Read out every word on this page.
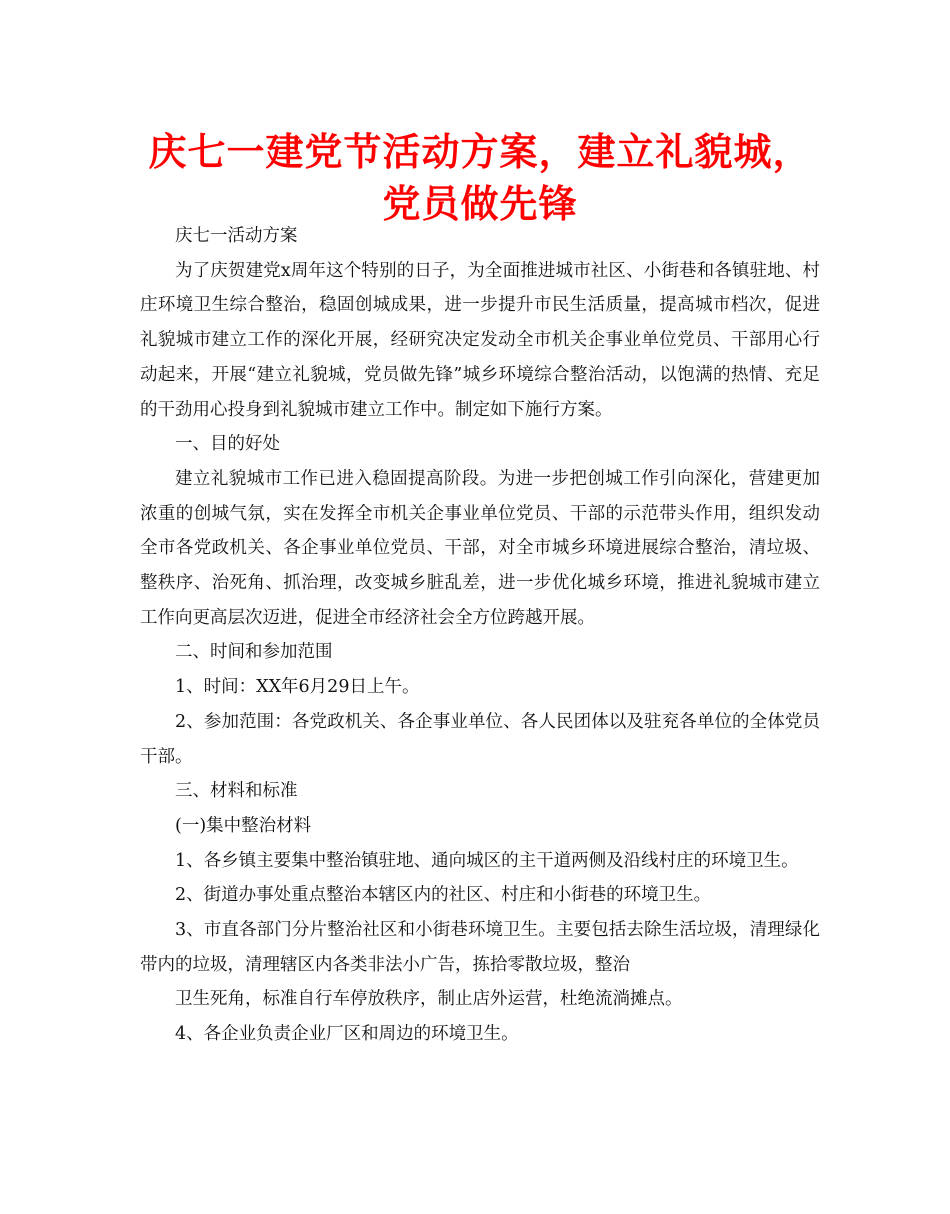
庆七一建党节活动方案，建立礼貌城，党员做先锋

庆七一活动方案

为了庆贺建党x周年这个特别的日子，为全面推进城市社区、小街巷和各镇驻地、村庄环境卫生综合整治，稳固创城成果，进一步提升市民生活质量，提高城市档次，促进礼貌城市建立工作的深化开展，经研究决定发动全市机关企事业单位党员、干部用心行动起来，开展“建立礼貌城，党员做先锋”城乡环境综合整治活动，以饱满的热情、充足的干劲用心投身到礼貌城市建立工作中。制定如下施行方案。

一、目的好处

建立礼貌城市工作已进入稳固提高阶段。为进一步把创城工作引向深化，营建更加浓重的创城气氛，实在发挥全市机关企事业单位党员、干部的示范带头作用，组织发动全市各党政机关、各企事业单位党员、干部，对全市城乡环境进展综合整治，清垃圾、整秩序、治死角、抓治理，改变城乡脏乱差，进一步优化城乡环境，推进礼貌城市建立工作向更高层次迈进，促进全市经济社会全方位跨越开展。

二、时间和参加范围

1、时间：XX年6月29日上午。

2、参加范围：各党政机关、各企事业单位、各人民团体以及驻兖各单位的全体党员干部。

三、材料和标准

(一)集中整治材料

1、各乡镇主要集中整治镇驻地、通向城区的主干道两侧及沿线村庄的环境卫生。

2、街道办事处重点整治本辖区内的社区、村庄和小街巷的环境卫生。

3、市直各部门分片整治社区和小街巷环境卫生。主要包括去除生活垃圾，清理绿化带内的垃圾，清理辖区内各类非法小广告，拣拾零散垃圾，整治

卫生死角，标准自行车停放秩序，制止店外运营，杜绝流淌摊点。

4、各企业负责企业厂区和周边的环境卫生。
